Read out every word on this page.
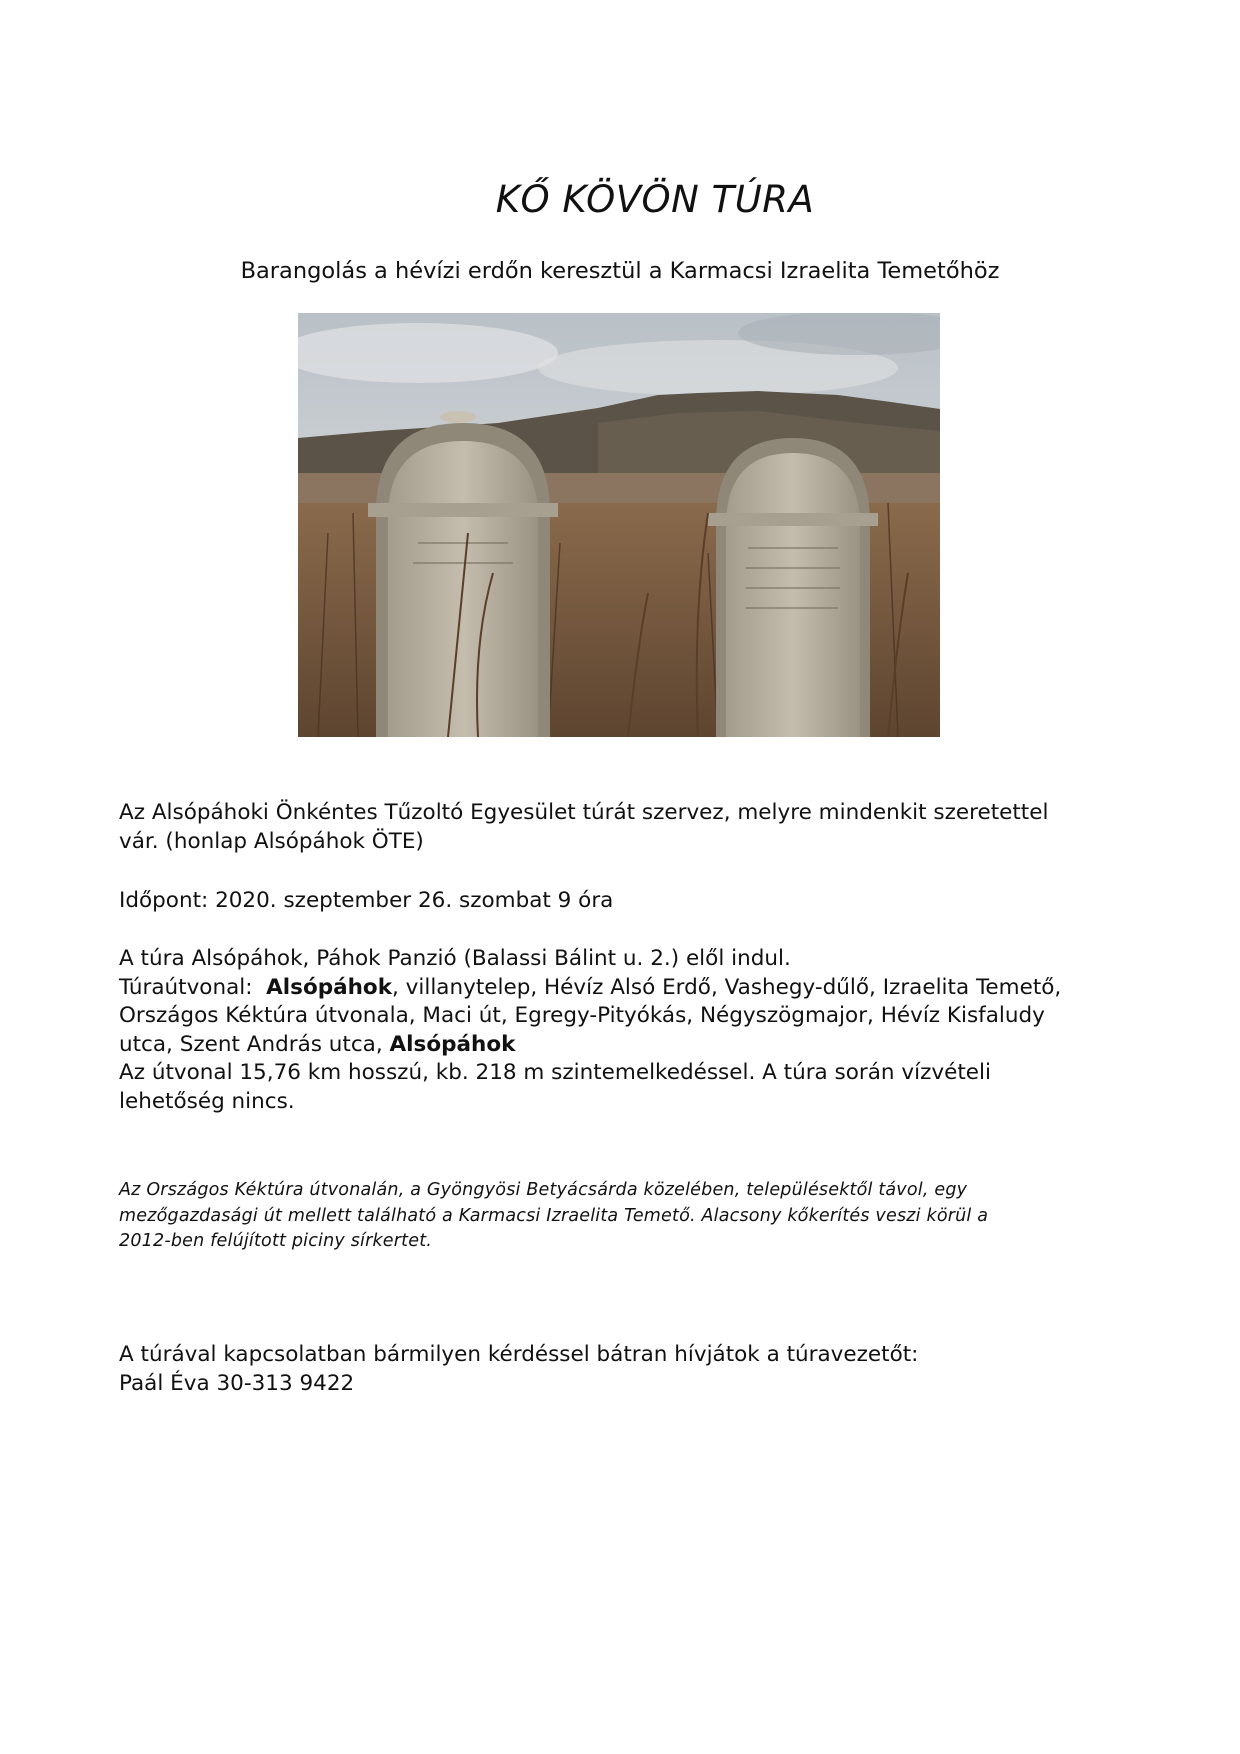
KŐ KÖVÖN TÚRA

Barangolás a hévízi erdőn keresztül a Karmacsi Izraelita Temetőhöz

Az Alsópáhoki Önkéntes Tűzoltó Egyesület túrát szervez, melyre mindenkit szeretettel
vár. (honlap Alsópáhok ÖTE)

Időpont: 2020. szeptember 26. szombat 9 óra

A túra Alsópáhok, Páhok Panzió (Balassi Bálint u. 2.) elől indul.
Túraútvonal: Alsópáhok, villanytelep, Hévíz Alsó Erdő, Vashegy-dűlő, Izraelita Temető,
Országos Kéktúra útvonala, Maci út, Egregy-Pityókás, Négyszögmajor, Hévíz Kisfaludy
utca, Szent András utca, Alsópáhok
Az útvonal 15,76 km hosszú, kb. 218 m szintemelkedéssel. A túra során vízvételi
lehetőség nincs.

Az Országos Kéktúra útvonalán, a Gyöngyösi Betyácsárda közelében, településektől távol, egy
mezőgazdasági út mellett található a Karmacsi Izraelita Temető. Alacsony kőkerítés veszi körül a
2012-ben felújított piciny sírkertet.

A túrával kapcsolatban bármilyen kérdéssel bátran hívjátok a túravezetőt:
Paál Éva 30-313 9422
